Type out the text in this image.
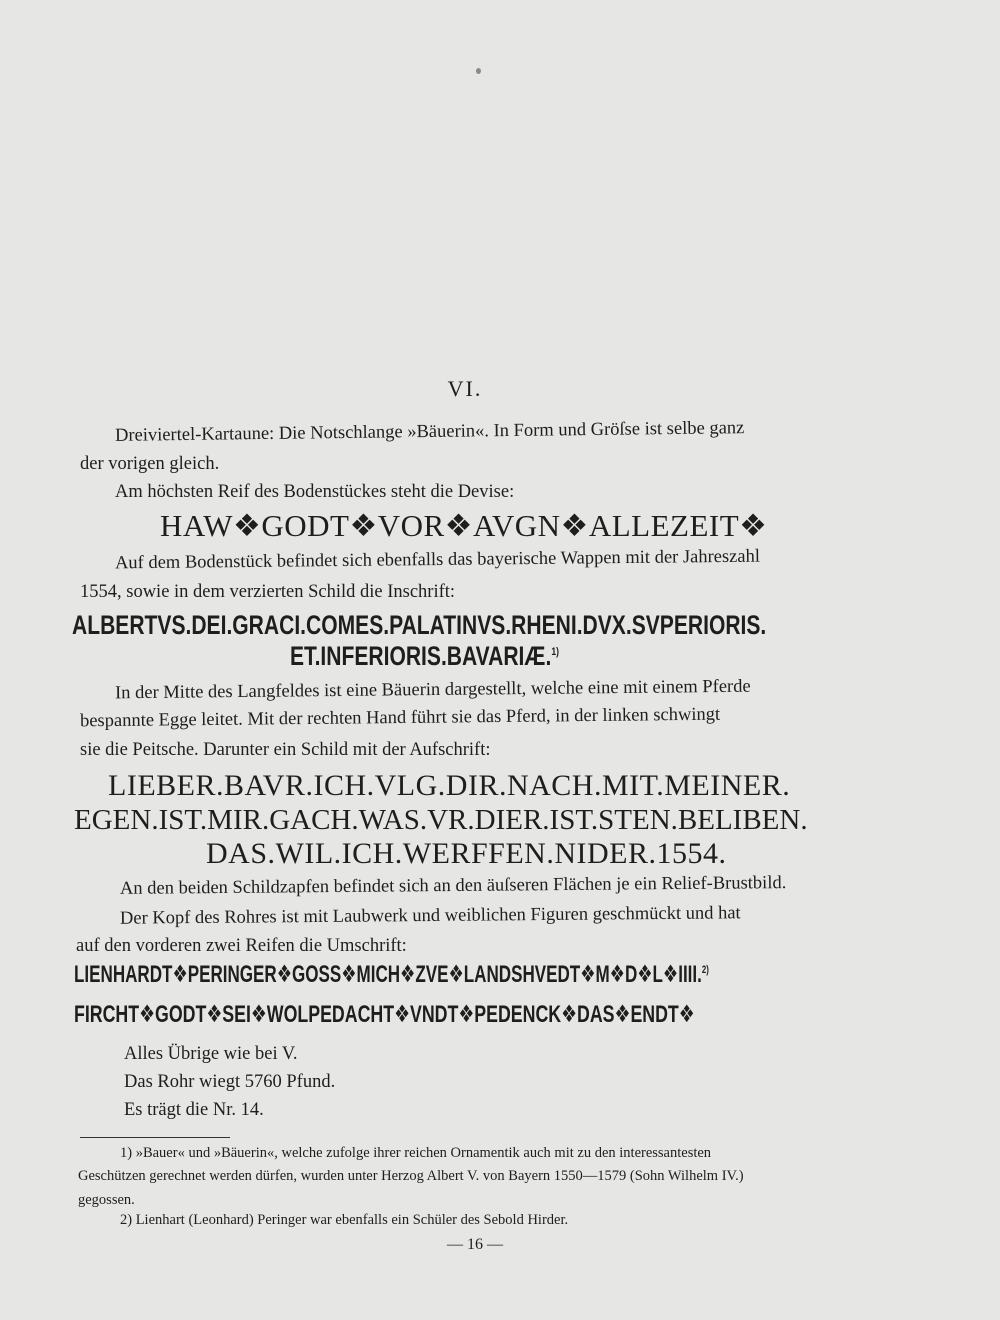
VI.
Dreiviertel-Kartaune: Die Notschlange »Bäuerin«. In Form und Gröſse ist selbe ganz
der vorigen gleich.
Am höchsten Reif des Bodenstückes steht die Devise:
HAW❖GODT❖VOR❖AVGN❖ALLEZEIT❖
Auf dem Bodenstück befindet sich ebenfalls das bayerische Wappen mit der Jahreszahl
1554, sowie in dem verzierten Schild die Inschrift:
ALBERTVS.DEI.GRACI.COMES.PALATINVS.RHENI.DVX.SVPERIORIS.
ET.INFERIORIS.BAVARIÆ.$^{1)}$
In der Mitte des Langfeldes ist eine Bäuerin dargestellt, welche eine mit einem Pferde
bespannte Egge leitet. Mit der rechten Hand führt sie das Pferd, in der linken schwingt
sie die Peitsche. Darunter ein Schild mit der Aufschrift:
LIEBER.BAVR.ICH.VLG.DIR.NACH.MIT.MEINER.
EGEN.IST.MIR.GACH.WAS.VR.DIER.IST.STEN.BELIBEN.
DAS.WIL.ICH.WERFFEN.NIDER.1554.
An den beiden Schildzapfen befindet sich an den äuſseren Flächen je ein Relief-Brustbild.
Der Kopf des Rohres ist mit Laubwerk und weiblichen Figuren geschmückt und hat
auf den vorderen zwei Reifen die Umschrift:
LIENHARDT❖PERINGER❖GOSS❖MICH❖ZVE❖LANDSHVEDT❖M❖D❖L❖IIII.$^{2)}$
FIRCHT❖GODT❖SEI❖WOLPEDACHT❖VNDT❖PEDENCK❖DAS❖ENDT❖
Alles Übrige wie bei V.
Das Rohr wiegt 5760 Pfund.
Es trägt die Nr. 14.
1) »Bauer« und »Bäuerin«, welche zufolge ihrer reichen Ornamentik auch mit zu den interessantesten
Geschützen gerechnet werden dürfen, wurden unter Herzog Albert V. von Bayern 1550—1579 (Sohn Wilhelm IV.)
gegossen.
2) Lienhart (Leonhard) Peringer war ebenfalls ein Schüler des Sebold Hirder.
— 16 —
